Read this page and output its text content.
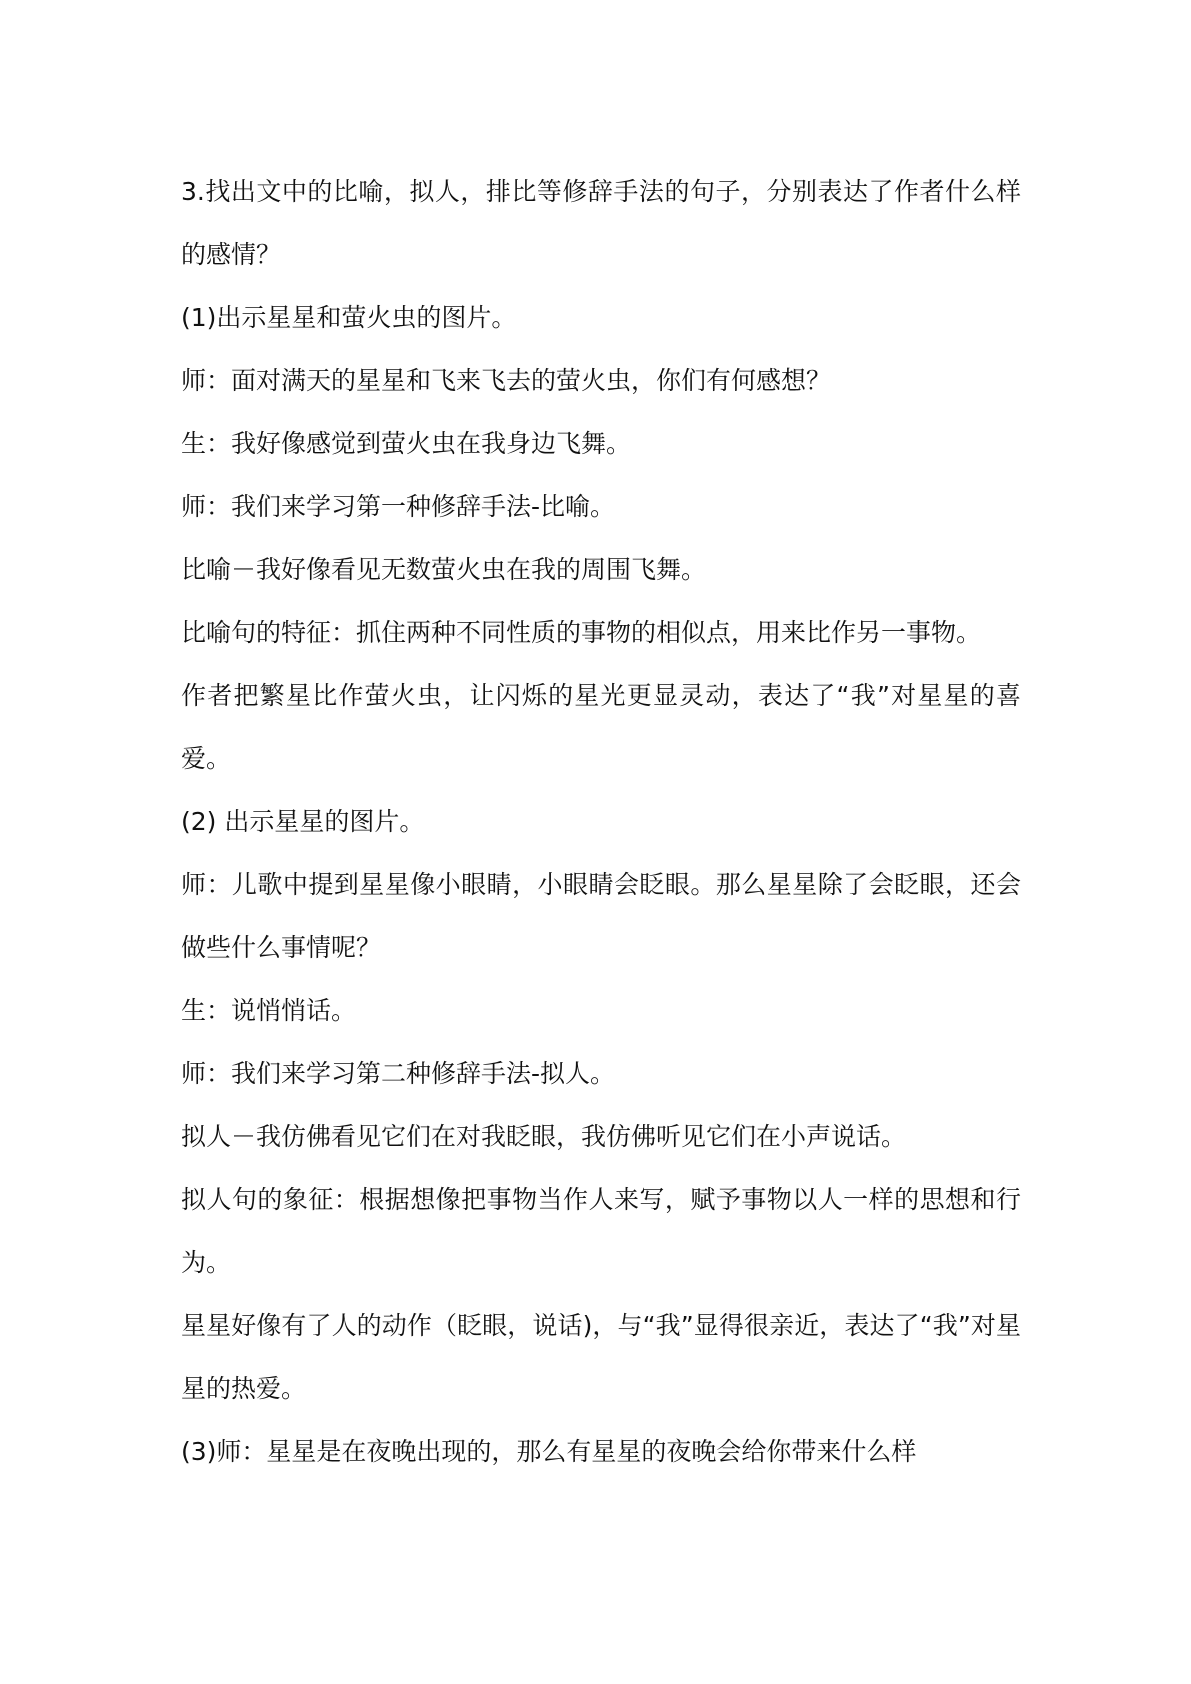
3.找出文中的比喻，拟人，排比等修辞手法的句子，分别表达了作者什么样的感情？

(1)出示星星和萤火虫的图片。

师：面对满天的星星和飞来飞去的萤火虫，你们有何感想？

生：我好像感觉到萤火虫在我身边飞舞。

师：我们来学习第一种修辞手法-比喻。

比喻－我好像看见无数萤火虫在我的周围飞舞。

比喻句的特征：抓住两种不同性质的事物的相似点，用来比作另一事物。

作者把繁星比作萤火虫，让闪烁的星光更显灵动，表达了“我”对星星的喜爱。

(2) 出示星星的图片。

师：儿歌中提到星星像小眼睛，小眼睛会眨眼。那么星星除了会眨眼，还会做些什么事情呢？

生：说悄悄话。

师：我们来学习第二种修辞手法-拟人。

拟人－我仿佛看见它们在对我眨眼，我仿佛听见它们在小声说话。

拟人句的象征：根据想像把事物当作人来写，赋予事物以人一样的思想和行为。

星星好像有了人的动作（眨眼，说话)，与“我”显得很亲近，表达了“我”对星星的热爱。

(3)师：星星是在夜晚出现的，那么有星星的夜晚会给你带来什么样
